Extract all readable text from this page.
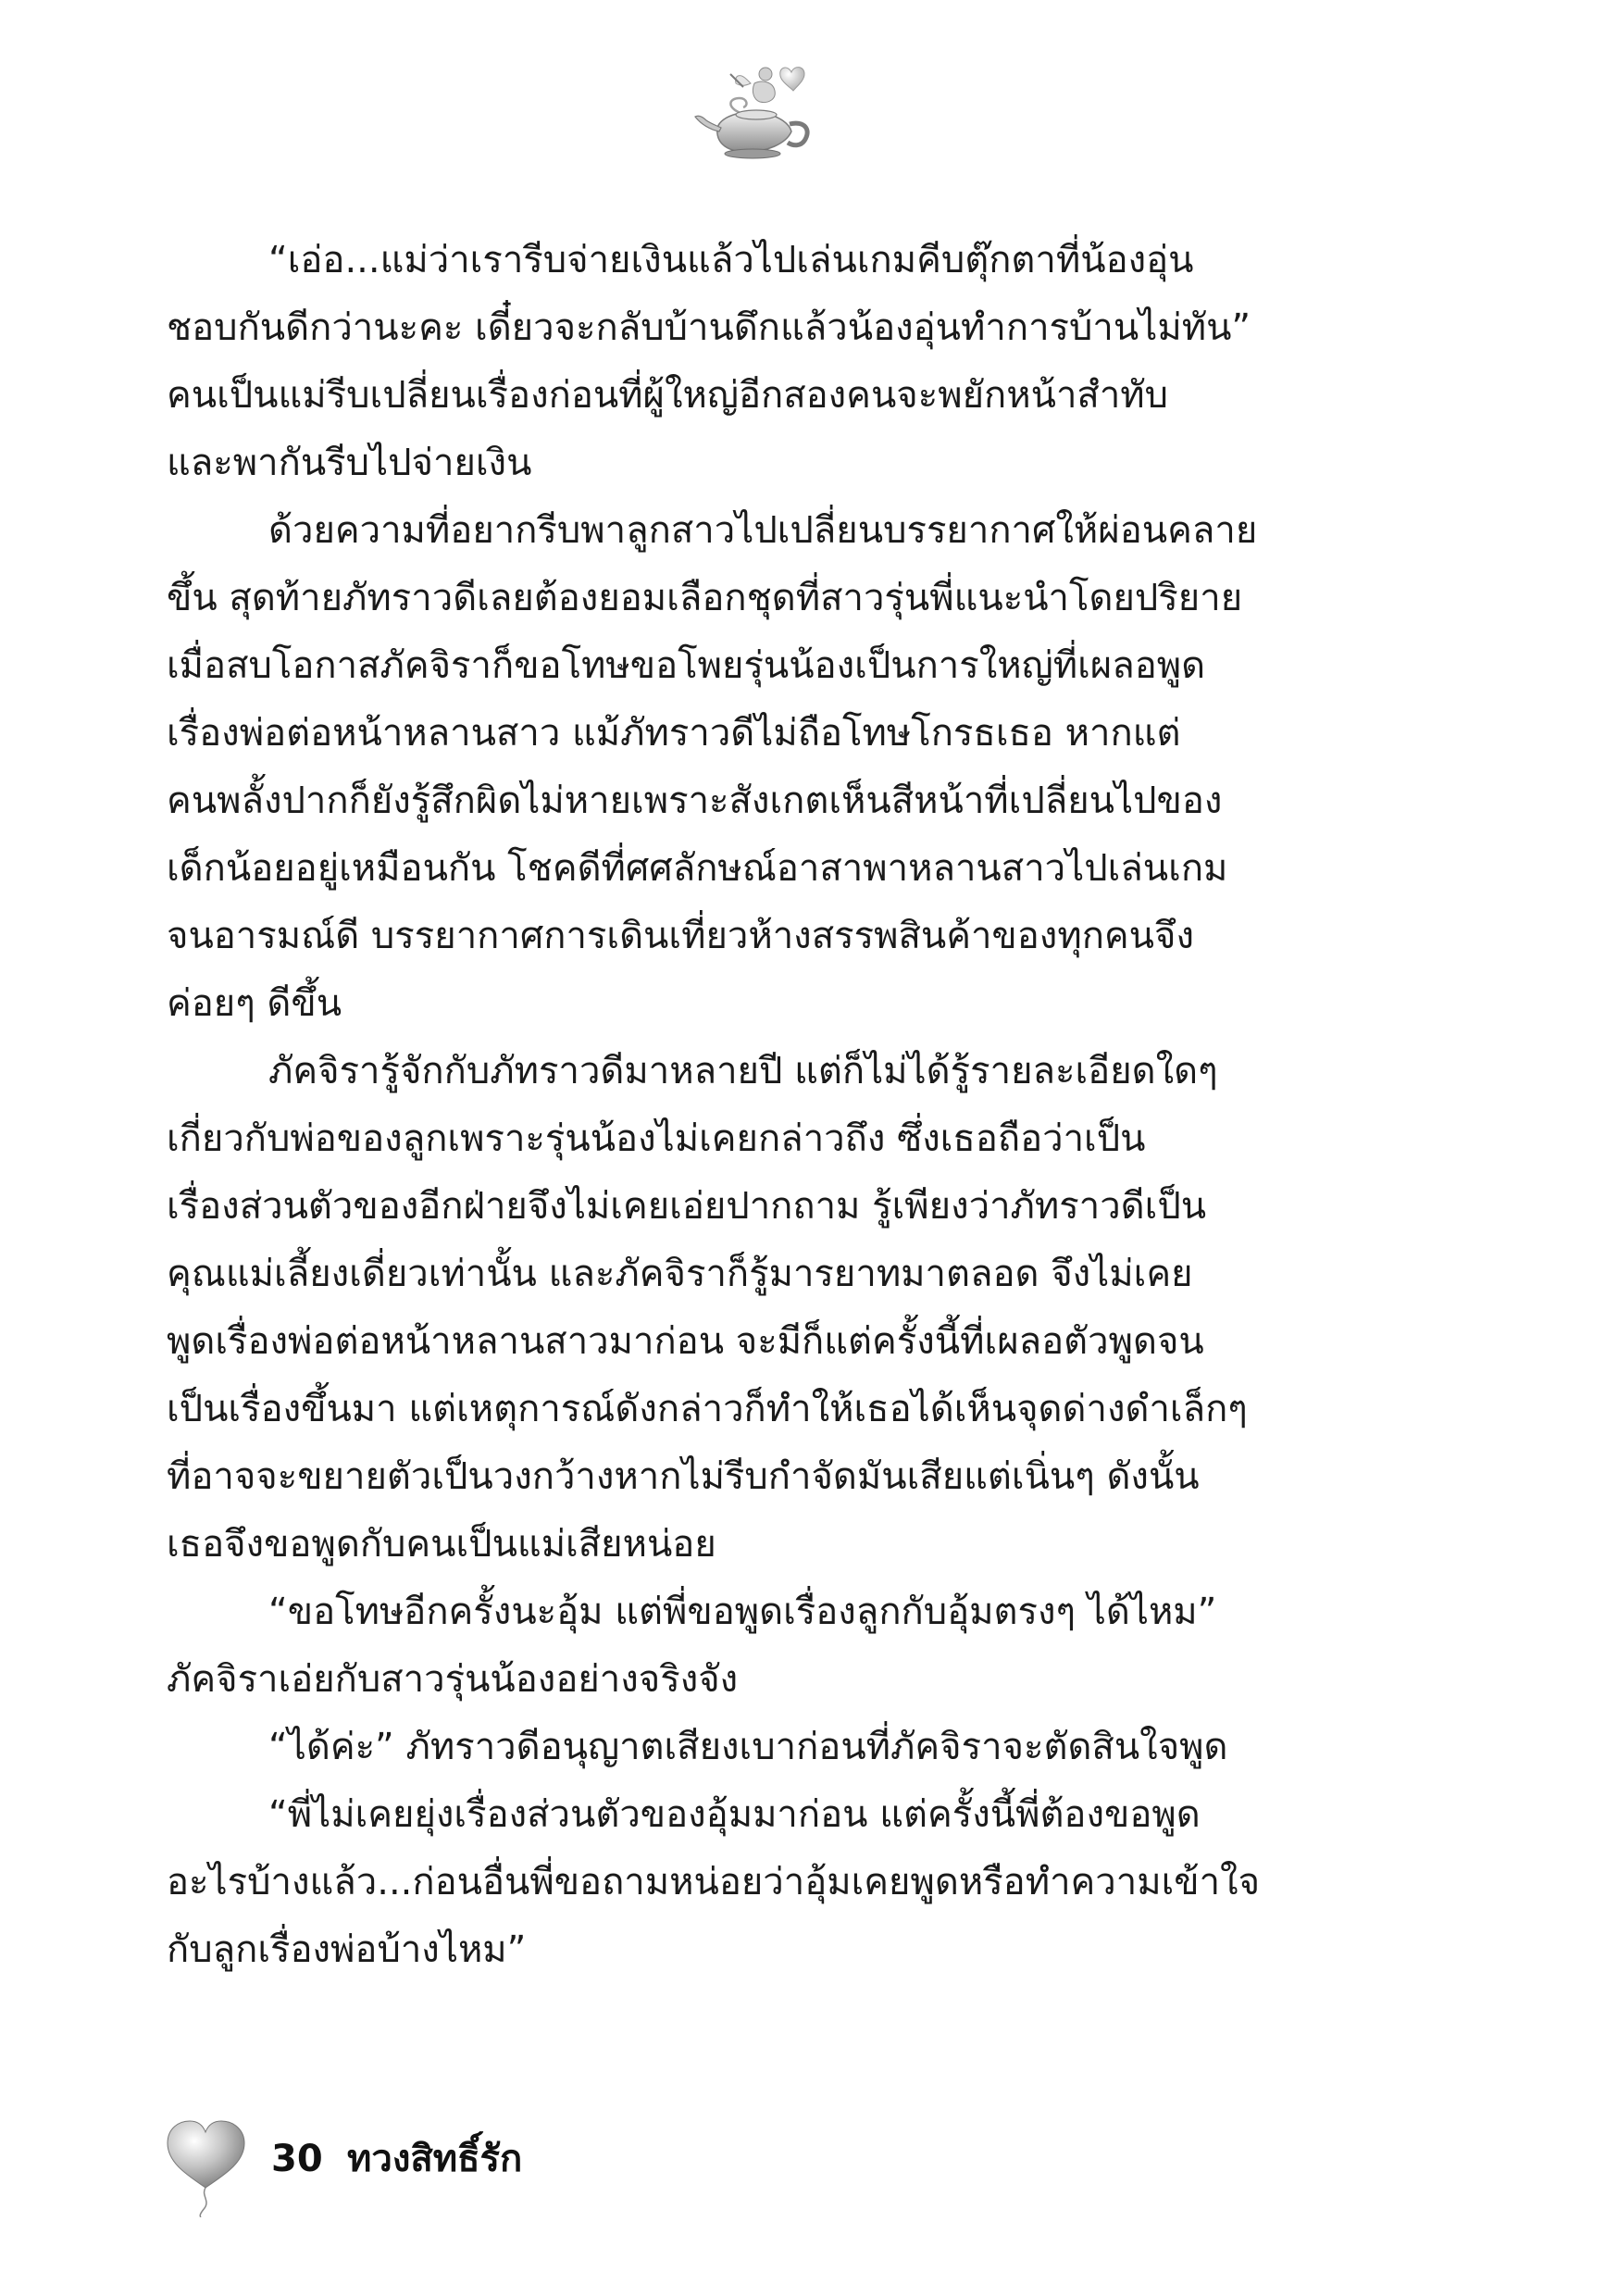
“เอ่อ...แม่ว่าเรารีบจ่ายเงินแล้วไปเล่นเกมคีบตุ๊กตาที่น้องอุ่น
ชอบกันดีกว่านะคะ เดี๋ยวจะกลับบ้านดึกแล้วน้องอุ่นทำการบ้านไม่ทัน”
คนเป็นแม่รีบเปลี่ยนเรื่องก่อนที่ผู้ใหญ่อีกสองคนจะพยักหน้าสำทับ
และพากันรีบไปจ่ายเงิน
ด้วยความที่อยากรีบพาลูกสาวไปเปลี่ยนบรรยากาศให้ผ่อนคลาย
ขึ้น สุดท้ายภัทราวดีเลยต้องยอมเลือกชุดที่สาวรุ่นพี่แนะนำโดยปริยาย
เมื่อสบโอกาสภัคจิราก็ขอโทษขอโพยรุ่นน้องเป็นการใหญ่ที่เผลอพูด
เรื่องพ่อต่อหน้าหลานสาว แม้ภัทราวดีไม่ถือโทษโกรธเธอ หากแต่
คนพลั้งปากก็ยังรู้สึกผิดไม่หายเพราะสังเกตเห็นสีหน้าที่เปลี่ยนไปของ
เด็กน้อยอยู่เหมือนกัน โชคดีที่ศศลักษณ์อาสาพาหลานสาวไปเล่นเกม
จนอารมณ์ดี บรรยากาศการเดินเที่ยวห้างสรรพสินค้าของทุกคนจึง
ค่อยๆ ดีขึ้น
ภัคจิรารู้จักกับภัทราวดีมาหลายปี แต่ก็ไม่ได้รู้รายละเอียดใดๆ
เกี่ยวกับพ่อของลูกเพราะรุ่นน้องไม่เคยกล่าวถึง ซึ่งเธอถือว่าเป็น
เรื่องส่วนตัวของอีกฝ่ายจึงไม่เคยเอ่ยปากถาม รู้เพียงว่าภัทราวดีเป็น
คุณแม่เลี้ยงเดี่ยวเท่านั้น และภัคจิราก็รู้มารยาทมาตลอด จึงไม่เคย
พูดเรื่องพ่อต่อหน้าหลานสาวมาก่อน จะมีก็แต่ครั้งนี้ที่เผลอตัวพูดจน
เป็นเรื่องขึ้นมา แต่เหตุการณ์ดังกล่าวก็ทำให้เธอได้เห็นจุดด่างดำเล็กๆ
ที่อาจจะขยายตัวเป็นวงกว้างหากไม่รีบกำจัดมันเสียแต่เนิ่นๆ ดังนั้น
เธอจึงขอพูดกับคนเป็นแม่เสียหน่อย
“ขอโทษอีกครั้งนะอุ้ม แต่พี่ขอพูดเรื่องลูกกับอุ้มตรงๆ ได้ไหม”
ภัคจิราเอ่ยกับสาวรุ่นน้องอย่างจริงจัง
“ได้ค่ะ” ภัทราวดีอนุญาตเสียงเบาก่อนที่ภัคจิราจะตัดสินใจพูด
“พี่ไม่เคยยุ่งเรื่องส่วนตัวของอุ้มมาก่อน แต่ครั้งนี้พี่ต้องขอพูด
อะไรบ้างแล้ว...ก่อนอื่นพี่ขอถามหน่อยว่าอุ้มเคยพูดหรือทำความเข้าใจ
กับลูกเรื่องพ่อบ้างไหม”
30 ทวงสิทธิ์รัก
